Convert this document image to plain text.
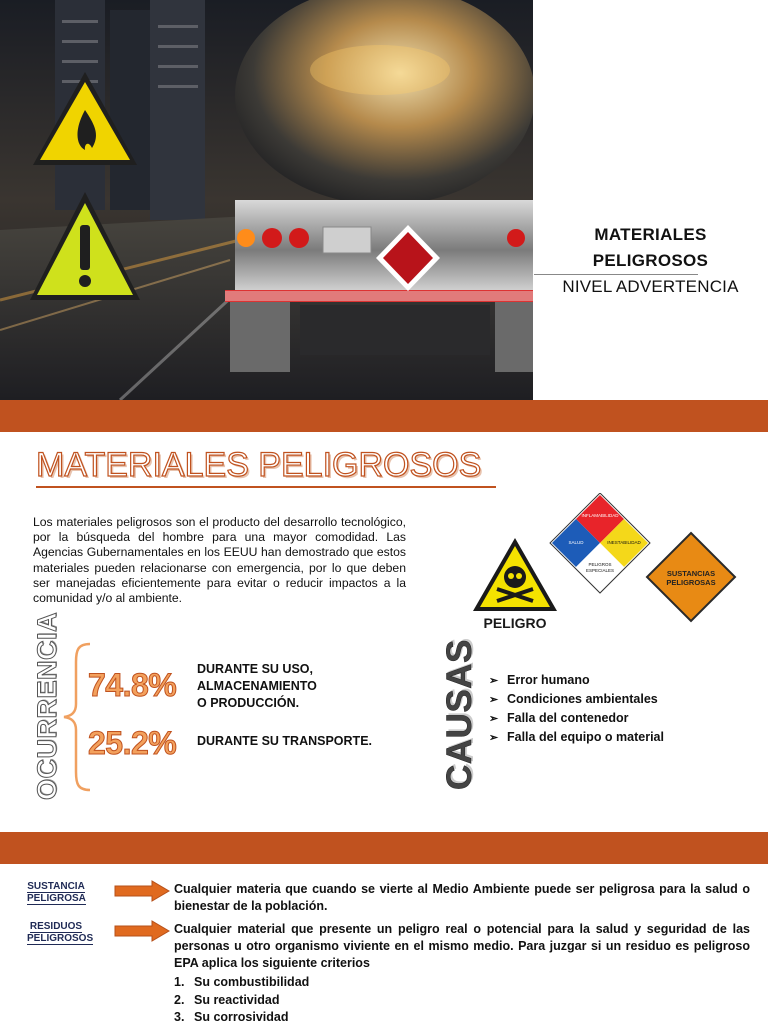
MATERIALES
PELIGROSOS
NIVEL ADVERTENCIA
MATERIALES PELIGROSOS

Los materiales peligrosos son el producto del desarrollo tecnológico, por la búsqueda del hombre para una mayor comodidad. Las Agencias Gubernamentales en los EEUU han demostrado que estos materiales pueden relacionarse con emergencia, por lo que deben ser manejadas eficientemente para evitar o reducir impactos a la comunidad y/o al ambiente.

PELIGRO
INFLAMABILIDAD
SALUD	INESTABILIDAD
PELIGROS
ESPECIALES	SUSTANCIAS
PELIGROSAS
OCURRENCIA 74.8% DURANTE SU USO,
ALMACENAMIENTO
O PRODUCCIÓN.
25.2% DURANTE SU TRANSPORTE. CAUSAS ➢ Error humano
➢ Condiciones ambientales
➢ Falla del contenedor
➢ Falla del equipo o material
SUSTANCIA
PELIGROSA

Cualquier materia que cuando se vierte al Medio Ambiente puede ser peligrosa para la salud o bienestar de la población.

RESIDUOS
PELIGROSOS

Cualquier material que presente un peligro real o potencial para la salud y seguridad de las personas u otro organismo viviente en el mismo medio. Para juzgar si un residuo es peligroso EPA aplica los siguiente criterios

1. Su combustibilidad
2. Su reactividad
3. Su corrosividad
